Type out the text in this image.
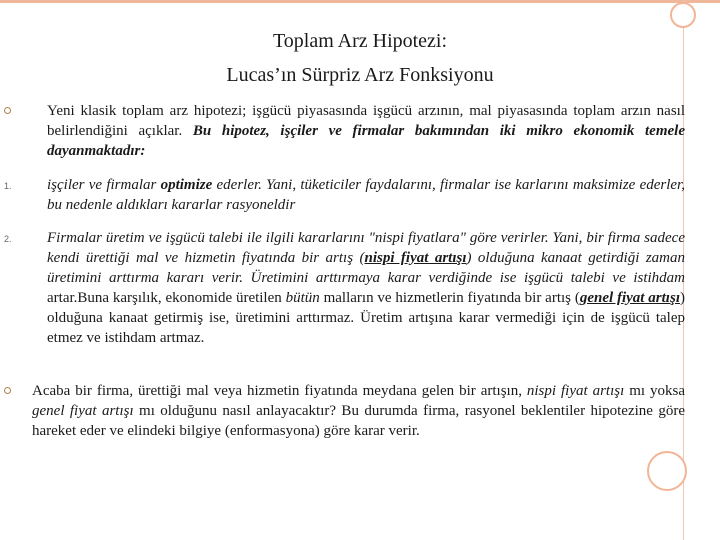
Toplam Arz Hipotezi:
Lucas’ın Sürpriz Arz Fonksiyonu
Yeni klasik toplam arz hipotezi; işgücü piyasasında işgücü arzının, mal piyasasında toplam arzın nasıl belirlendiğini açıklar. Bu hipotez, işçiler ve firmalar bakımından iki mikro ekonomik temele dayanmaktadır:
1. işçiler ve firmalar optimize ederler. Yani, tüketiciler faydalarını, firmalar ise karlarını maksimize ederler, bu nedenle aldıkları kararlar rasyoneldir
2. Firmalar üretim ve işgücü talebi ile ilgili kararlarını "nispi fiyatlara" göre verirler. Yani, bir firma sadece kendi ürettiği mal ve hizmetin fiyatında bir artış (nispi fiyat artışı) olduğuna kanaat getirdiği zaman üretimini arttırma kararı verir. Üretimini arttırmaya karar verdiğinde ise işgücü talebi ve istihdam artar.Buna karşılık, ekonomide üretilen bütün malların ve hizmetlerin fiyatında bir artış (genel fiyat artışı) olduğuna kanaat getirmiş ise, üretimini arttırmaz. Üretim artışına karar vermediği için de işgücü talep etmez ve istihdam artmaz.
Acaba bir firma, ürettiği mal veya hizmetin fiyatında meydana gelen bir artışın, nispi fiyat artışı mı yoksa genel fiyat artışı mı olduğunu nasıl anlayacaktır? Bu durumda firma, rasyonel beklentiler hipotezine göre hareket eder ve elindeki bilgiye (enformasyona) göre karar verir.
